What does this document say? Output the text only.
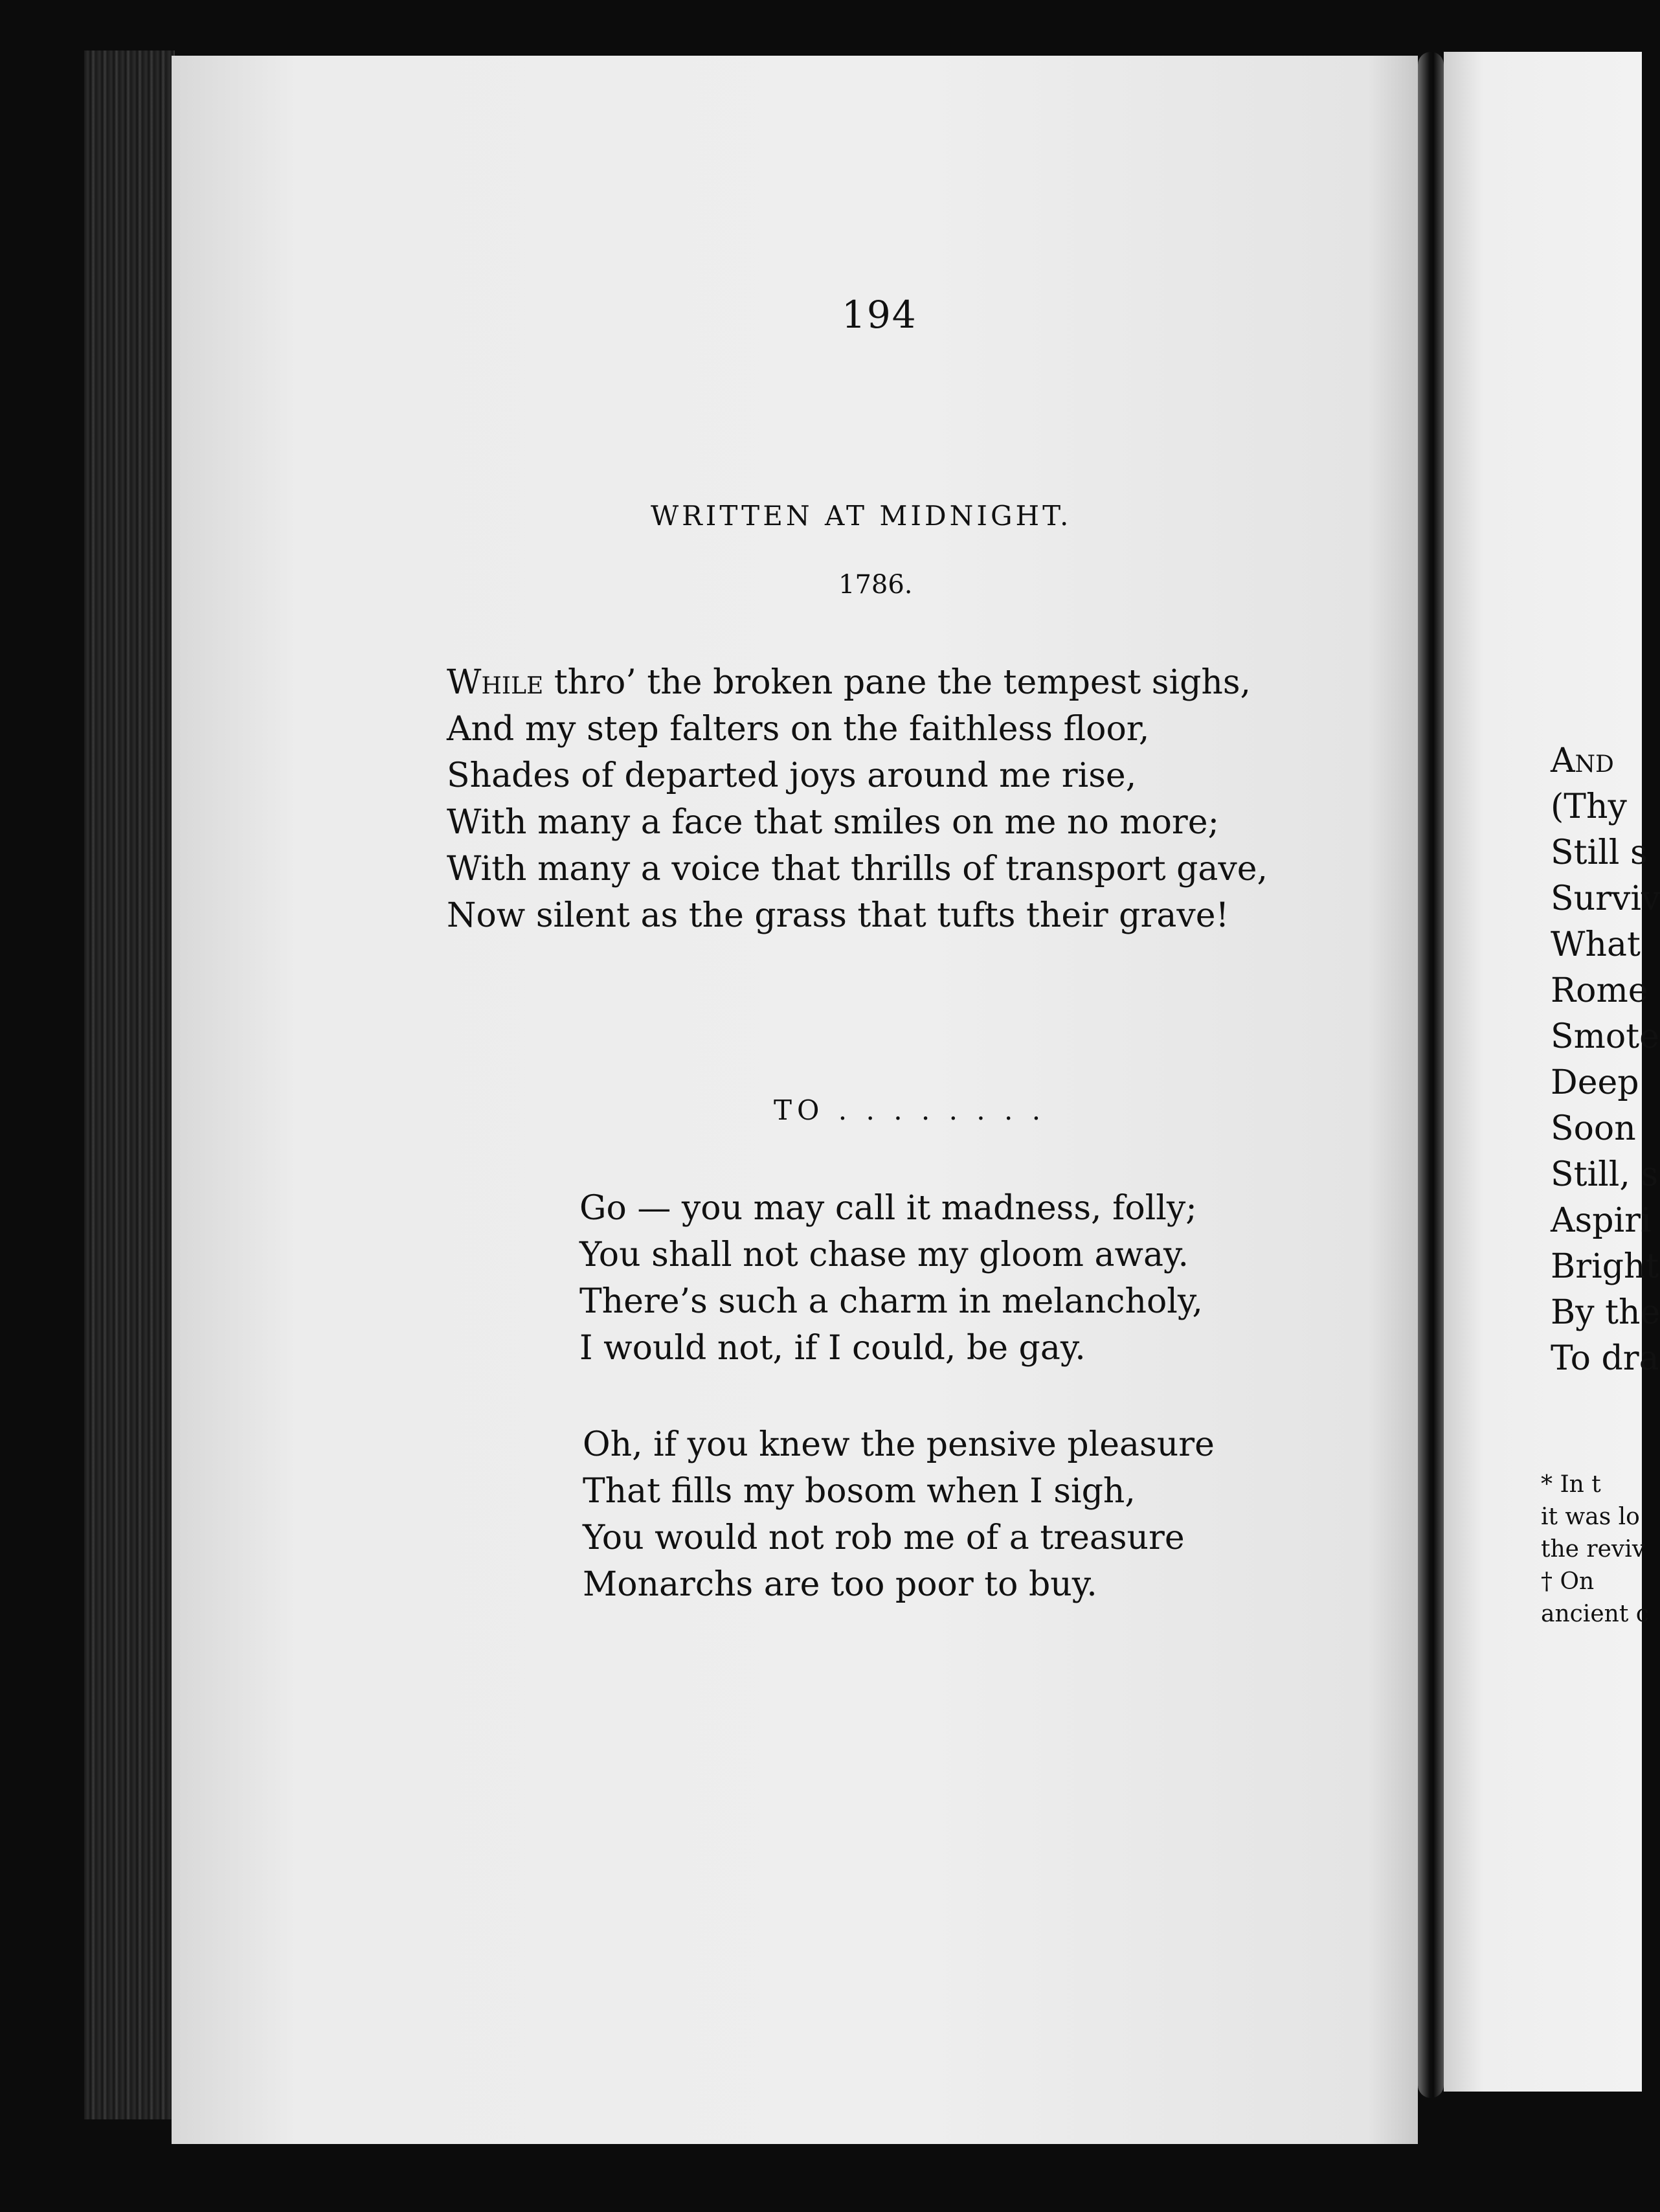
194
WRITTEN AT MIDNIGHT.
1786.
While thro’ the broken pane the tempest sighs,
And my step falters on the faithless floor,
Shades of departed joys around me rise,
With many a face that smiles on me no more;
With many a voice that thrills of transport gave,
Now silent as the grass that tufts their grave!
TO . . . . . . . .
Go — you may call it madness, folly;
You shall not chase my gloom away.
There’s such a charm in melancholy,
I would not, if I could, be gay.
Oh, if you knew the pensive pleasure
That fills my bosom when I sigh,
You would not rob me of a treasure
Monarchs are too poor to buy.
And
(Thy
Still s
Surviv
What
Rome
Smote
Deep
Soon
Still, s
Aspiri
Bright
By the
To dra
* In t
it was lo
the reviv
† On
ancient c
